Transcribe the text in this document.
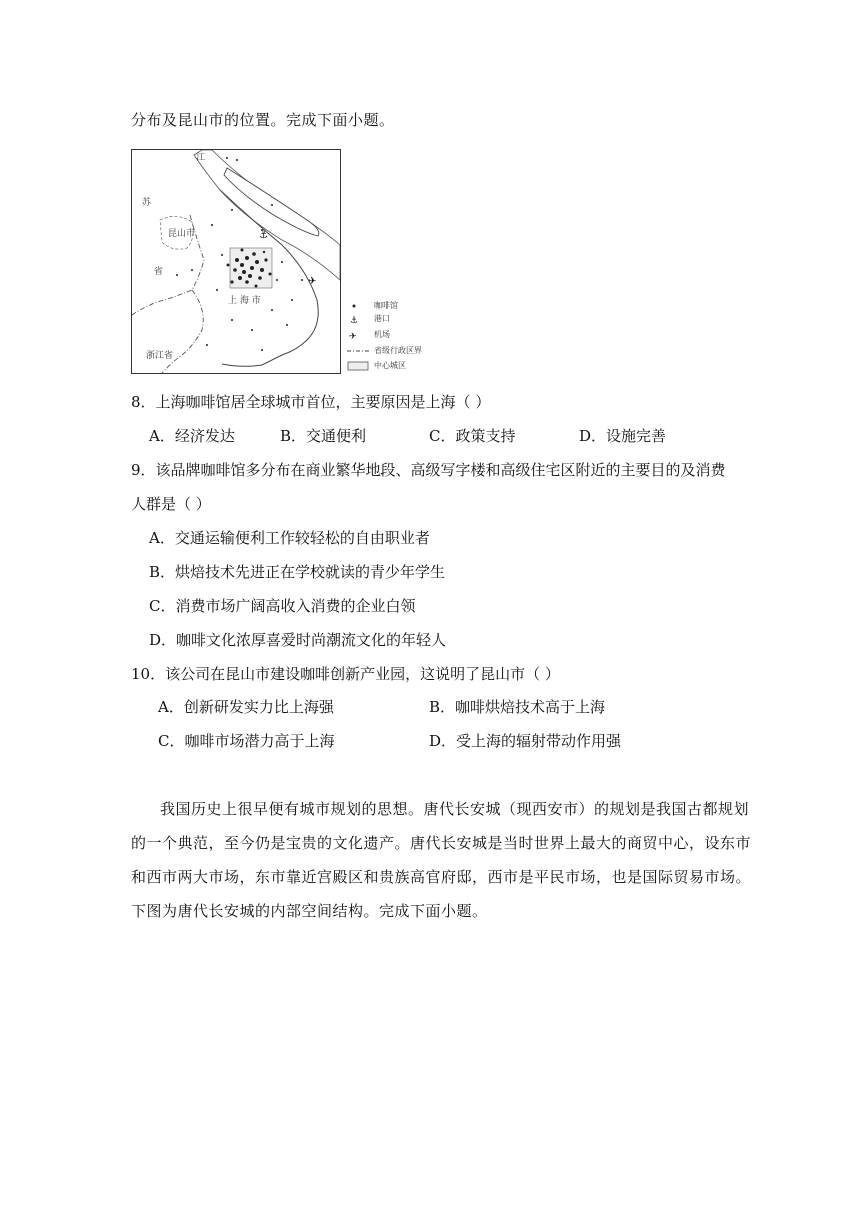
分布及昆山市的位置。完成下面小题。
⚓
✈
江
苏
昆山市
省
上 海 市
浙江省
咖啡馆
⚓ 港口
✈ 机场
省级行政区界
中心城区
8．上海咖啡馆居全球城市首位，主要原因是上海（ ）
A．经济发达	B．交通便利	C．政策支持	D．设施完善
9．该品牌咖啡馆多分布在商业繁华地段、高级写字楼和高级住宅区附近的主要目的及消费
人群是（ ）
A．交通运输便利工作较轻松的自由职业者
B．烘焙技术先进正在学校就读的青少年学生
C．消费市场广阔高收入消费的企业白领
D．咖啡文化浓厚喜爱时尚潮流文化的年轻人
10．该公司在昆山市建设咖啡创新产业园，这说明了昆山市（ ）
A．创新研发实力比上海强	B．咖啡烘焙技术高于上海
C．咖啡市场潜力高于上海	D．受上海的辐射带动作用强
我国历史上很早便有城市规划的思想。唐代长安城（现西安市）的规划是我国古都规划
的一个典范，至今仍是宝贵的文化遗产。唐代长安城是当时世界上最大的商贸中心，设东市
和西市两大市场，东市靠近宫殿区和贵族高官府邸，西市是平民市场，也是国际贸易市场。
下图为唐代长安城的内部空间结构。完成下面小题。
